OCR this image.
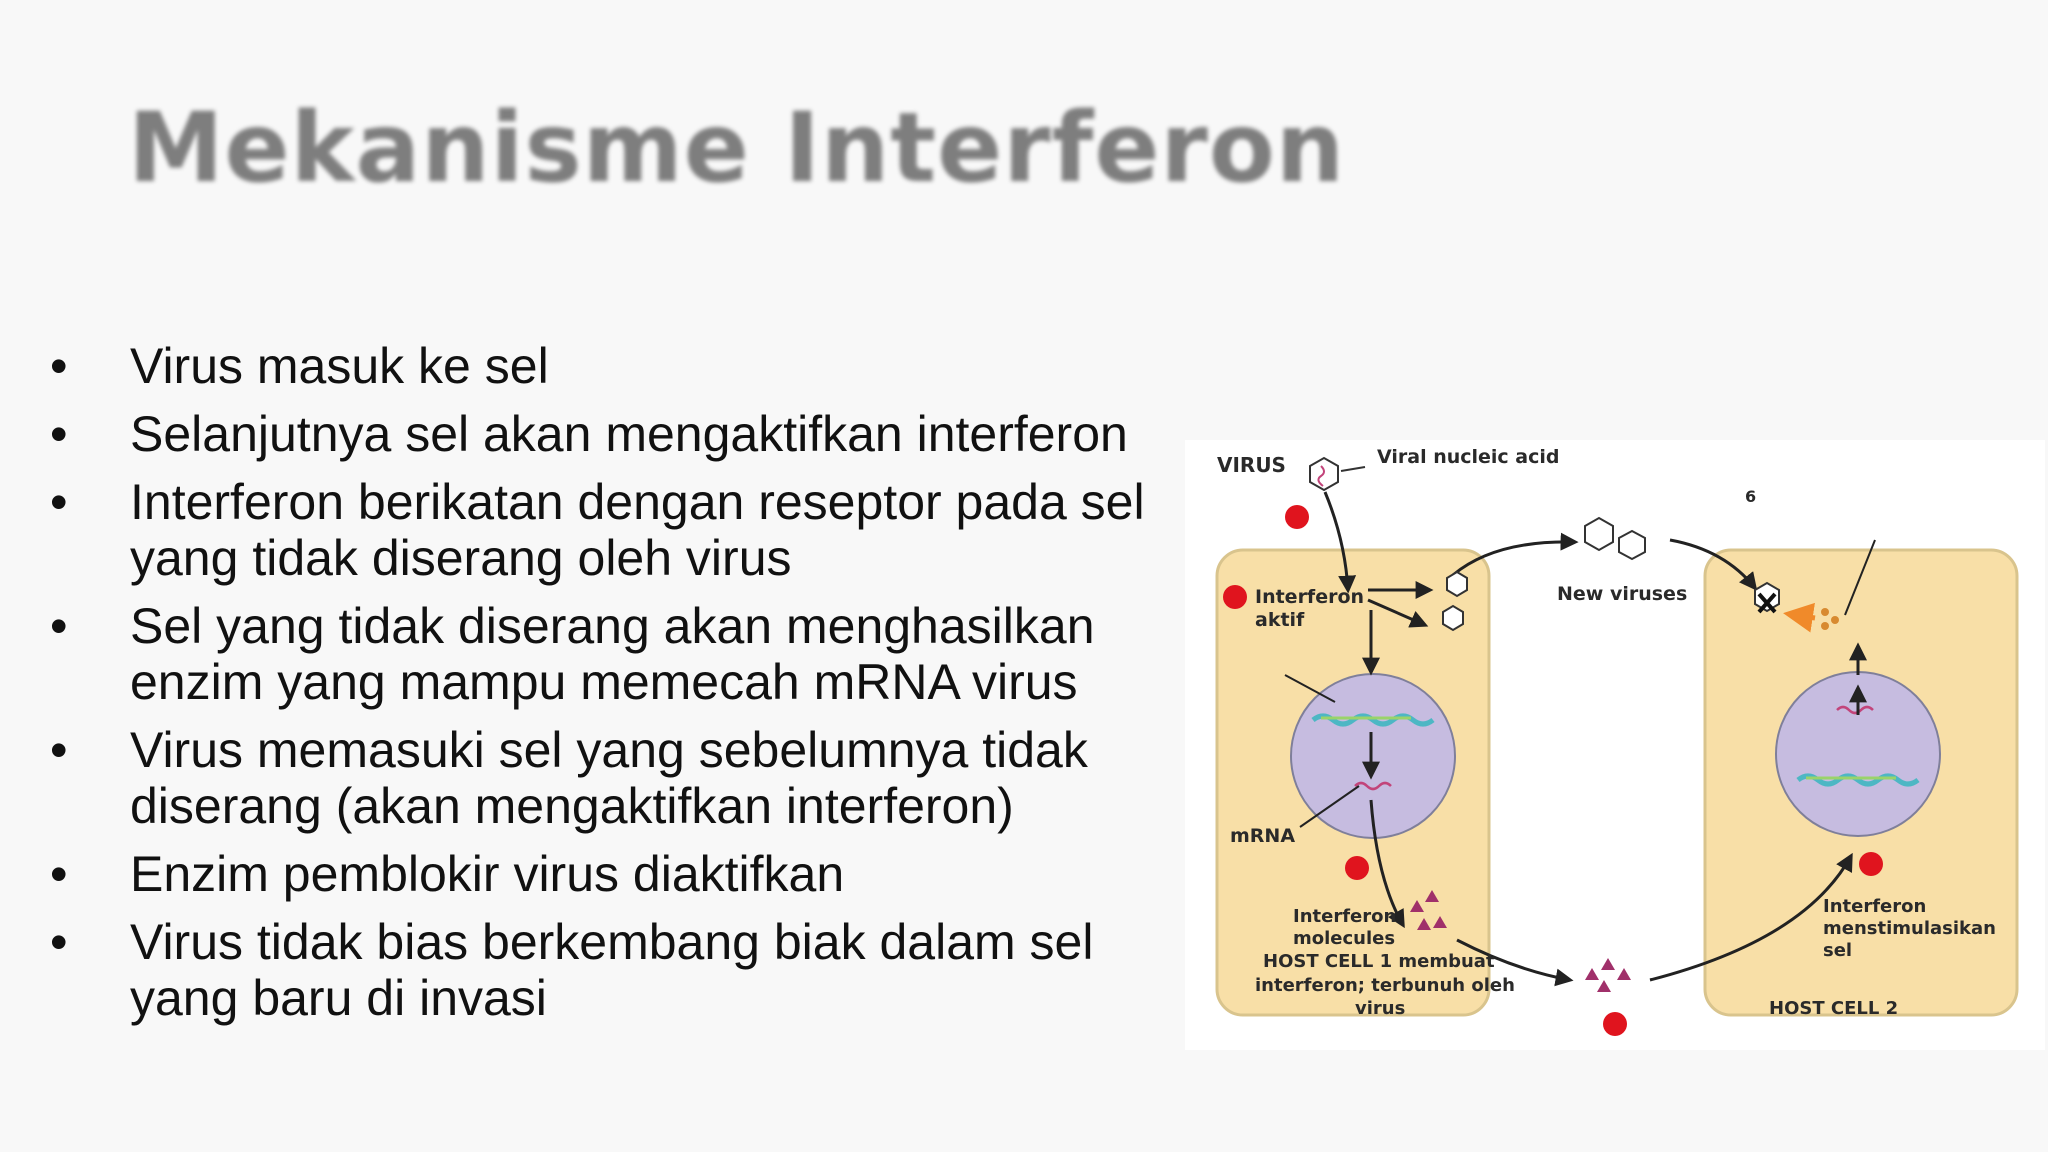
Mekanisme Interferon
•	Virus masuk ke sel
•	Selanjutnya sel akan mengaktifkan interferon
•	Interferon berikatan dengan reseptor pada sel
yang tidak diserang oleh virus
•	Sel yang tidak diserang akan menghasilkan
enzim yang mampu memecah mRNA virus
•	Virus memasuki sel yang sebelumnya tidak
diserang (akan mengaktifkan interferon)
•	Enzim pemblokir virus diaktifkan
•	Virus tidak bias berkembang biak dalam sel
yang baru di invasi
VIRUS	Viral nucleic acid
6
Interferon
aktif
New viruses
mRNA
Interferon
molecules
HOST CELL 1 membuat
interferon; terbunuh oleh
virus
Interferon
menstimulasikan
sel
HOST CELL 2
